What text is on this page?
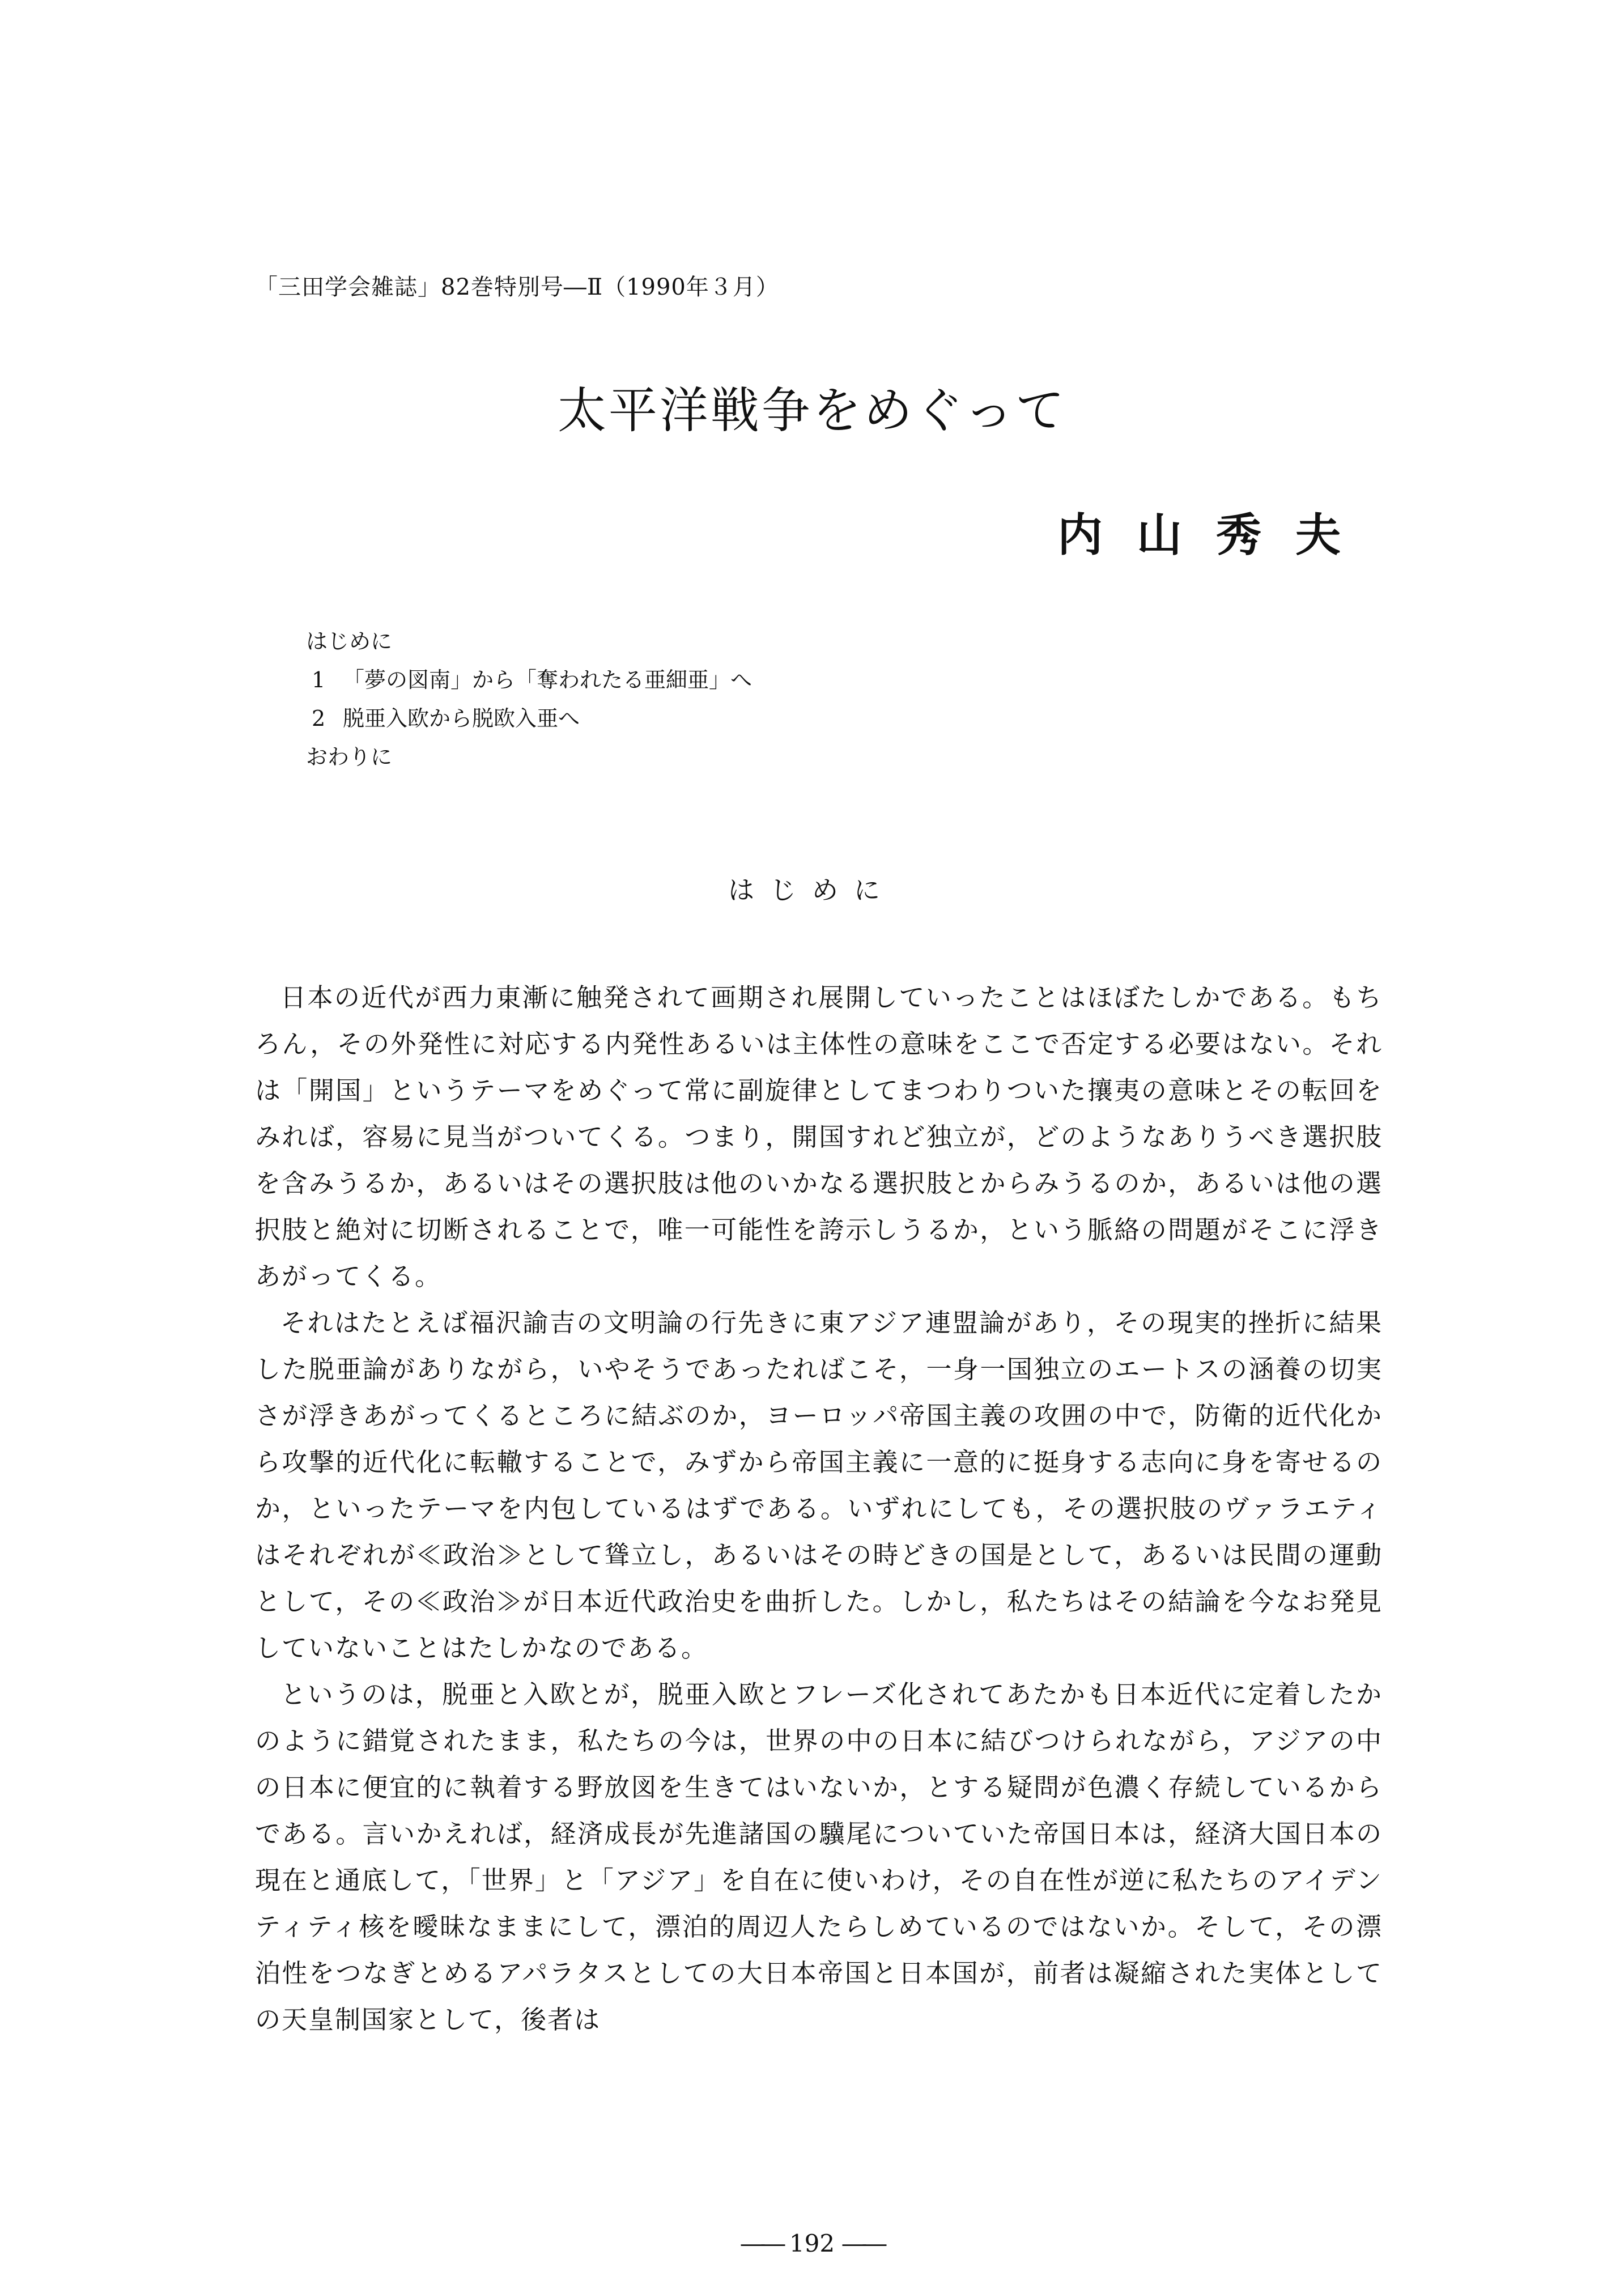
「三田学会雑誌」82巻特別号―Ⅱ（1990年３月）
太平洋戦争をめぐって
内山秀夫
はじめに
1 「夢の図南」から「奪われたる亜細亜」へ
2 脱亜入欧から脱欧入亜へ
おわりに
はじめに

日本の近代が西力東漸に触発されて画期され展開していったことはほぼたしかである。もちろん，その外発性に対応する内発性あるいは主体性の意味をここで否定する必要はない。それは「開国」というテーマをめぐって常に副旋律としてまつわりついた攘夷の意味とその転回をみれば，容易に見当がついてくる。つまり，開国すれど独立が，どのようなありうべき選択肢を含みうるか，あるいはその選択肢は他のいかなる選択肢とからみうるのか，あるいは他の選択肢と絶対に切断されることで，唯一可能性を誇示しうるか，という脈絡の問題がそこに浮きあがってくる。

それはたとえば福沢諭吉の文明論の行先きに東アジア連盟論があり，その現実的挫折に結果した脱亜論がありながら，いやそうであったればこそ，一身一国独立のエートスの涵養の切実さが浮きあがってくるところに結ぶのか，ヨーロッパ帝国主義の攻囲の中で，防衛的近代化から攻撃的近代化に転轍することで，みずから帝国主義に一意的に挺身する志向に身を寄せるのか，といったテーマを内包しているはずである。いずれにしても，その選択肢のヴァラエティはそれぞれが≪政治≫として聳立し，あるいはその時どきの国是として，あるいは民間の運動として，その≪政治≫が日本近代政治史を曲折した。しかし，私たちはその結論を今なお発見していないことはたしかなのである。

というのは，脱亜と入欧とが，脱亜入欧とフレーズ化されてあたかも日本近代に定着したかのように錯覚されたまま，私たちの今は，世界の中の日本に結びつけられながら，アジアの中の日本に便宜的に執着する野放図を生きてはいないか，とする疑問が色濃く存続しているからである。言いかえれば，経済成長が先進諸国の驥尾についていた帝国日本は，経済大国日本の現在と通底して，「世界」と「アジア」を自在に使いわけ，その自在性が逆に私たちのアイデンティティ核を曖昧なままにして，漂泊的周辺人たらしめているのではないか。そして，その漂泊性をつなぎとめるアパラタスとしての大日本帝国と日本国が，前者は凝縮された実体としての天皇制国家として，後者は

―― 192 ――
